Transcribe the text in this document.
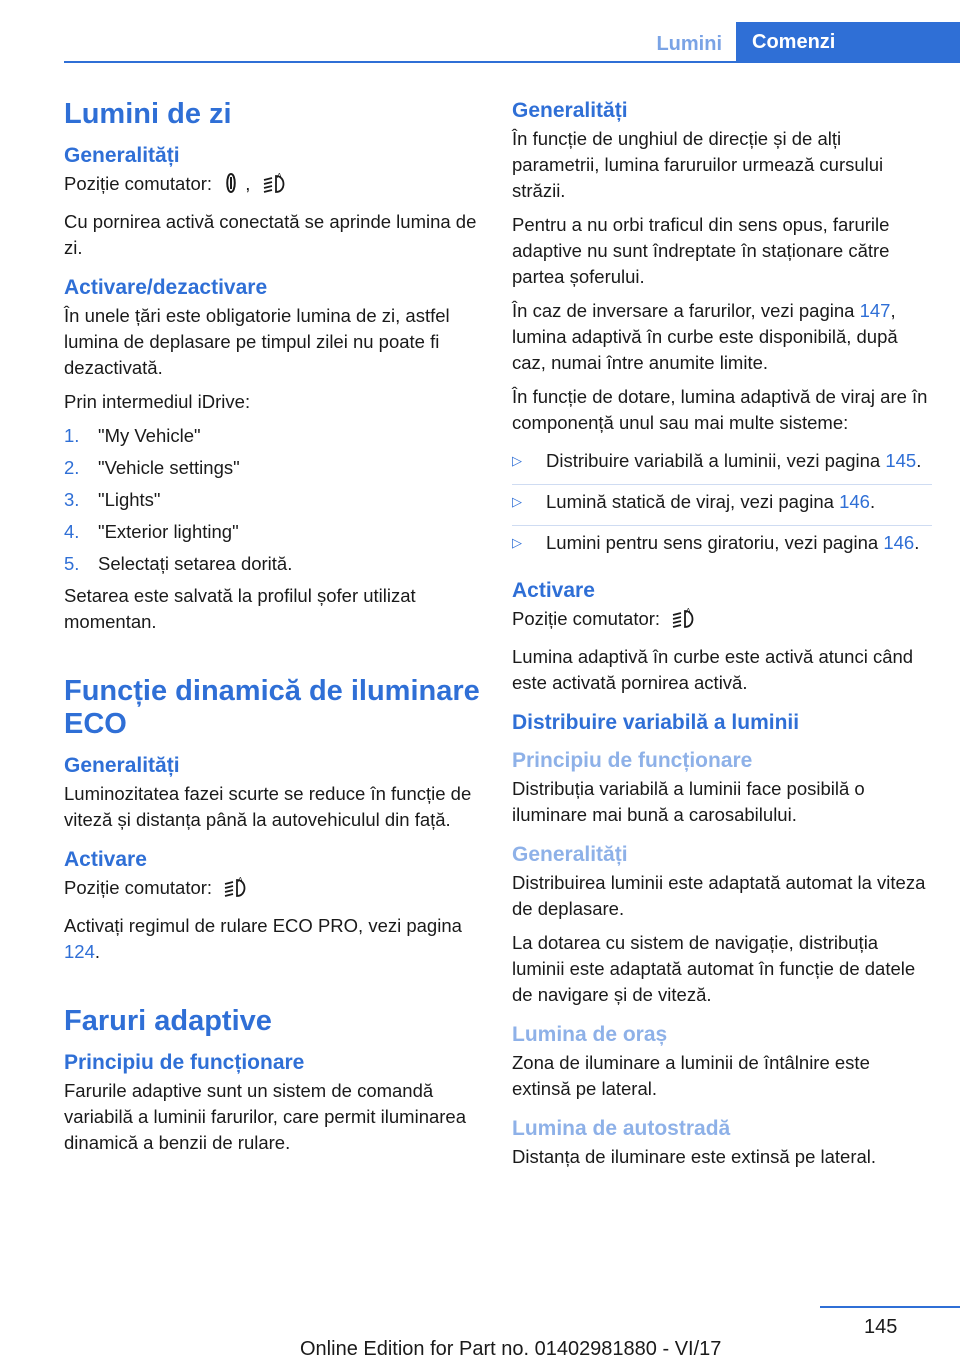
Lumini	Comenzi
Lumini de zi
Generalități

Poziție comutator: ,	A

Cu pornirea activă conectată se aprinde lumina de zi.

Activare/dezactivare

În unele țări este obligatorie lumina de zi, astfel lumina de deplasare pe timpul zilei nu poate fi dezactivată.

Prin intermediul iDrive:

1.	"My Vehicle"
2.	"Vehicle settings"
3.	"Lights"
4.	"Exterior lighting"
5.	Selectați setarea dorită.

Setarea este salvată la profilul șofer utilizat momentan.

Funcție dinamică de iluminare ECO
Generalități

Luminozitatea fazei scurte se reduce în funcție de viteză și distanța până la autovehiculul din față.

Activare

Poziție comutator:	A

Activați regimul de rulare ECO PRO, vezi pagina 124.

Faruri adaptive
Principiu de funcționare

Farurile adaptive sunt un sistem de comandă variabilă a luminii farurilor, care permit iluminarea dinamică a benzii de rulare.

Generalități

În funcție de unghiul de direcție și de alți parametrii, lumina faruruilor urmează cursului străzii.

Pentru a nu orbi traficul din sens opus, farurile adaptive nu sunt îndreptate în staționare către partea șoferului.

În caz de inversare a farurilor, vezi pagina 147, lumina adaptivă în curbe este disponibilă, după caz, numai între anumite limite.

În funcție de dotare, lumina adaptivă de viraj are în componență unul sau mai multe sisteme:

▷	Distribuire variabilă a luminii, vezi pagina 145.
▷	Lumină statică de viraj, vezi pagina 146.
▷	Lumini pentru sens giratoriu, vezi pagina 146.
Activare

Poziție comutator:	A

Lumina adaptivă în curbe este activă atunci când este activată pornirea activă.

Distribuire variabilă a luminii
Principiu de funcționare

Distribuția variabilă a luminii face posibilă o iluminare mai bună a carosabilului.

Generalități

Distribuirea luminii este adaptată automat la viteza de deplasare.

La dotarea cu sistem de navigație, distribuția luminii este adaptată automat în funcție de datele de navigare și de viteză.

Lumina de oraș

Zona de iluminare a luminii de întâlnire este extinsă pe lateral.

Lumina de autostradă

Distanța de iluminare este extinsă pe lateral.

145
Online Edition for Part no. 01402981880 - VI/17
